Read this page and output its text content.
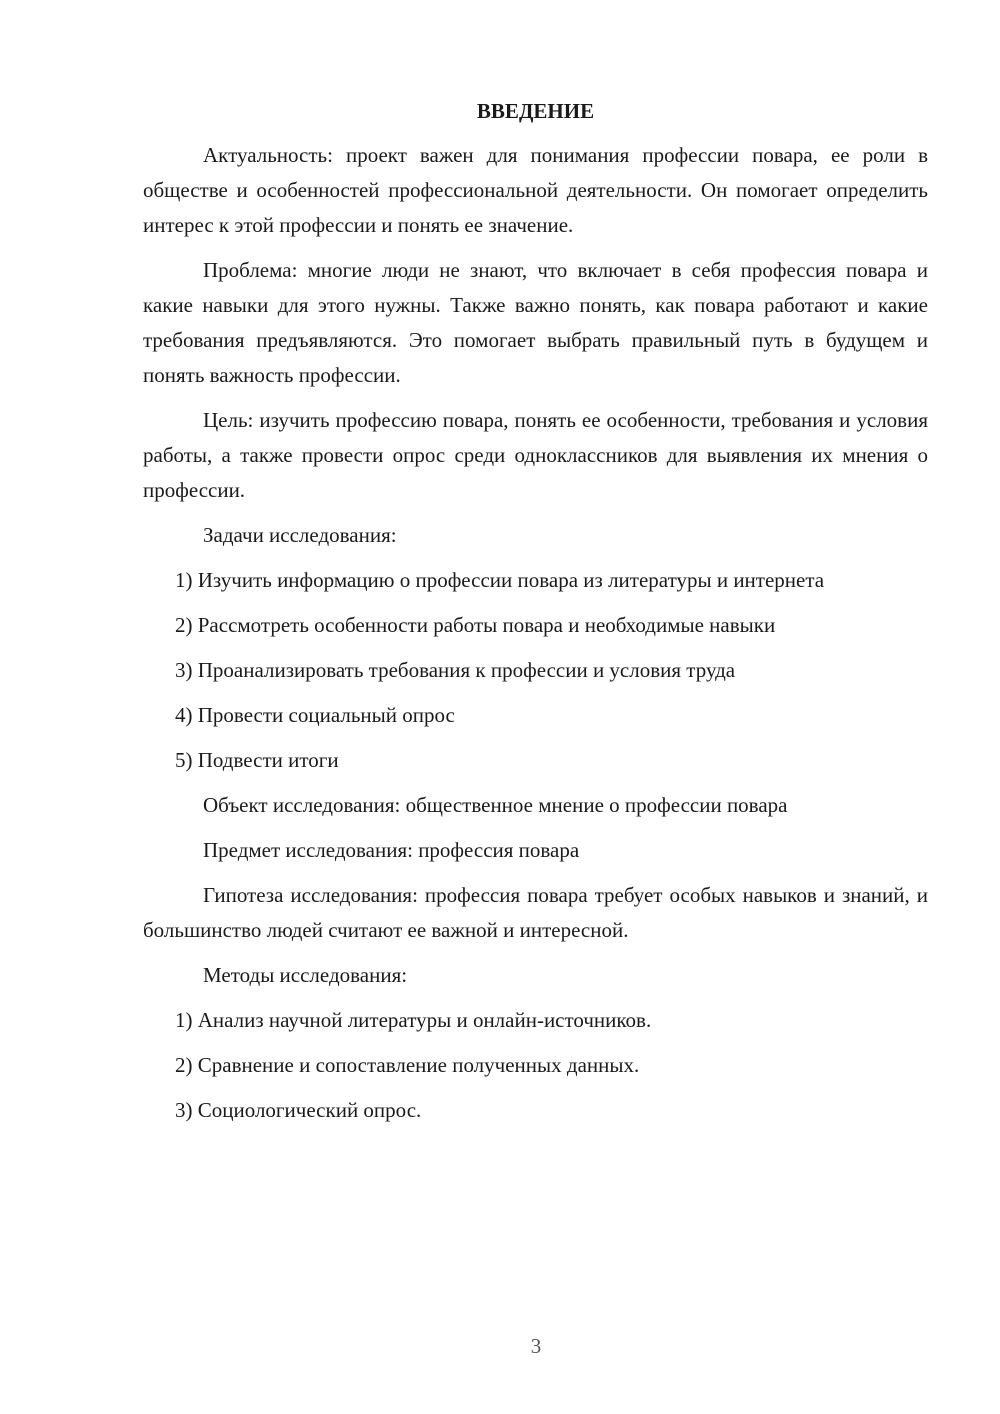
ВВЕДЕНИЕ

Актуальность: проект важен для понимания профессии повара, ее роли в обществе и особенностей профессиональной деятельности. Он помогает определить интерес к этой профессии и понять ее значение.

Проблема: многие люди не знают, что включает в себя профессия повара и какие навыки для этого нужны. Также важно понять, как повара работают и какие требования предъявляются. Это помогает выбрать правильный путь в будущем и понять важность профессии.

Цель: изучить профессию повара, понять ее особенности, требования и условия работы, а также провести опрос среди одноклассников для выявления их мнения о профессии.

Задачи исследования:
1) Изучить информацию о профессии повара из литературы и интернета
2) Рассмотреть особенности работы повара и необходимые навыки
3) Проанализировать требования к профессии и условия труда
4) Провести социальный опрос
5) Подвести итоги
Объект исследования: общественное мнение о профессии повара
Предмет исследования: профессия повара

Гипотеза исследования: профессия повара требует особых навыков и знаний, и большинство людей считают ее важной и интересной.

Методы исследования:
1) Анализ научной литературы и онлайн-источников.
2) Сравнение и сопоставление полученных данных.
3) Социологический опрос.
3
